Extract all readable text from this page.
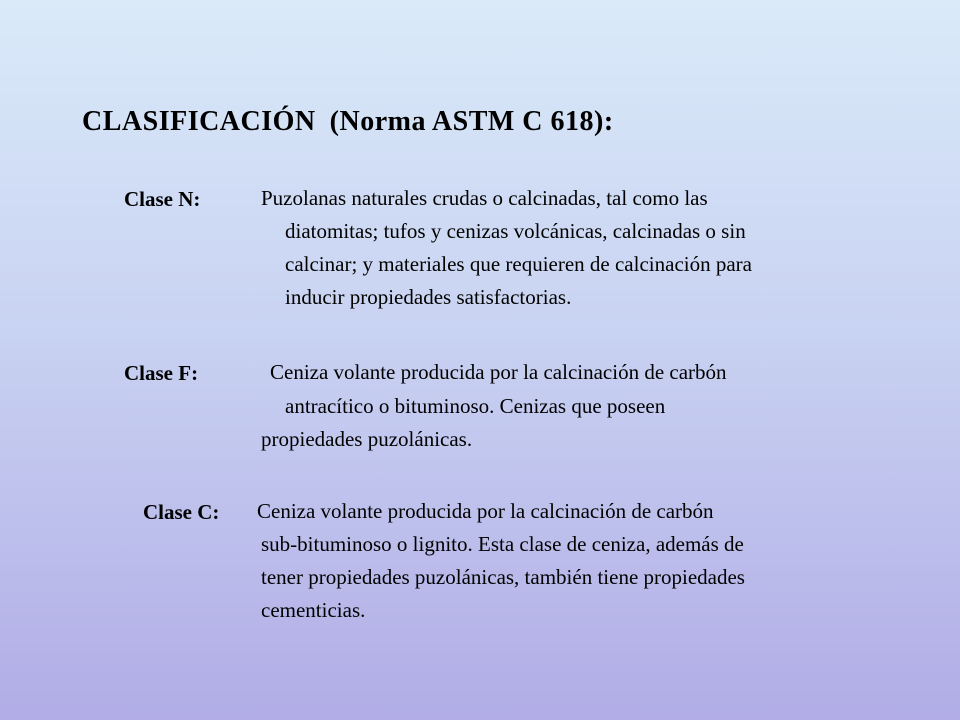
CLASIFICACIÓN (Norma ASTM C 618):
Clase N:	Puzolanas naturales crudas o calcinadas, tal como las
diatomitas; tufos y cenizas volcánicas, calcinadas o sin
calcinar; y materiales que requieren de calcinación para
inducir propiedades satisfactorias.
Clase F:	Ceniza volante producida por la calcinación de carbón
antracítico o bituminoso. Cenizas que poseen
propiedades puzolánicas.
Clase C: Ceniza volante producida por la calcinación de carbón
sub-bituminoso o lignito. Esta clase de ceniza, además de
tener propiedades puzolánicas, también tiene propiedades
cementicias.
